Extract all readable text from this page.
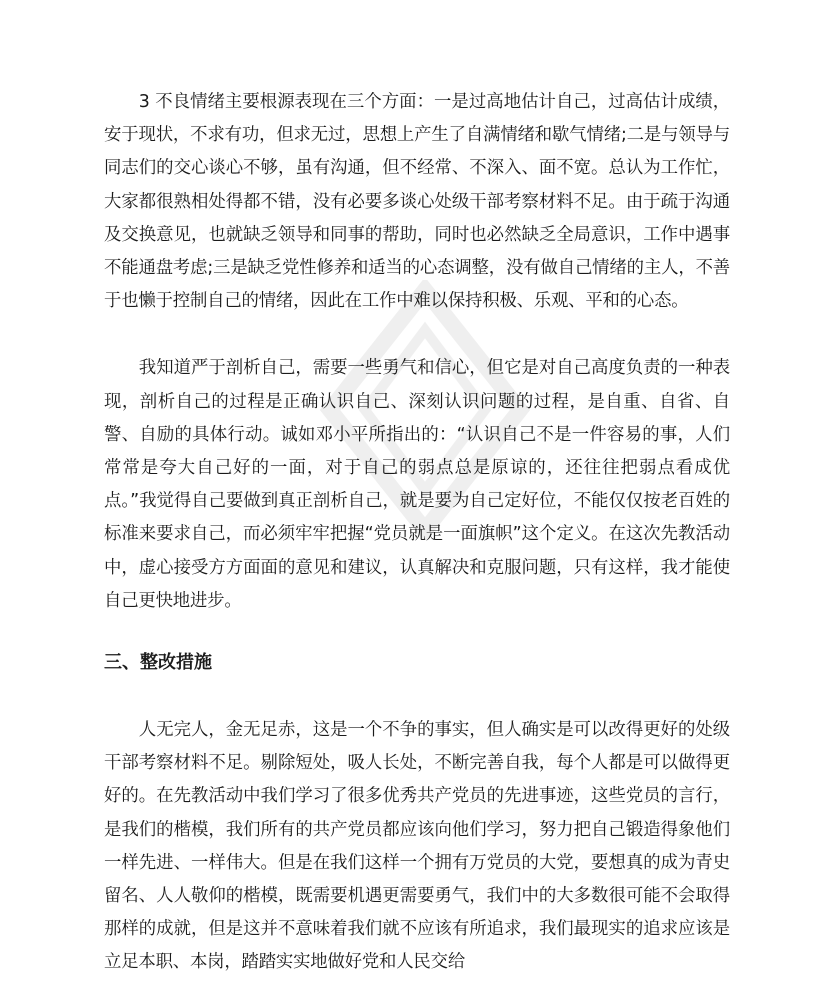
3 不良情绪主要根源表现在三个方面：一是过高地估计自己，过高估计成绩，安于现状，不求有功，但求无过，思想上产生了自满情绪和歇气情绪;二是与领导与同志们的交心谈心不够，虽有沟通，但不经常、不深入、面不宽。总认为工作忙，大家都很熟相处得都不错，没有必要多谈心处级干部考察材料不足。由于疏于沟通及交换意见，也就缺乏领导和同事的帮助，同时也必然缺乏全局意识，工作中遇事不能通盘考虑;三是缺乏党性修养和适当的心态调整，没有做自己情绪的主人，不善于也懒于控制自己的情绪，因此在工作中难以保持积极、乐观、平和的心态。

我知道严于剖析自己，需要一些勇气和信心，但它是对自己高度负责的一种表现，剖析自己的过程是正确认识自己、深刻认识问题的过程，是自重、自省、自警、自励的具体行动。诚如邓小平所指出的：“认识自己不是一件容易的事，人们常常是夸大自己好的一面，对于自己的弱点总是原谅的，还往往把弱点看成优点。”我觉得自己要做到真正剖析自己，就是要为自己定好位，不能仅仅按老百姓的标准来要求自己，而必须牢牢把握“党员就是一面旗帜”这个定义。在这次先教活动中，虚心接受方方面面的意见和建议，认真解决和克服问题，只有这样，我才能使自己更快地进步。

三、整改措施

人无完人，金无足赤，这是一个不争的事实，但人确实是可以改得更好的处级干部考察材料不足。剔除短处，吸人长处，不断完善自我，每个人都是可以做得更好的。在先教活动中我们学习了很多优秀共产党员的先进事迹，这些党员的言行，是我们的楷模，我们所有的共产党员都应该向他们学习，努力把自己锻造得象他们一样先进、一样伟大。但是在我们这样一个拥有万党员的大党，要想真的成为青史留名、人人敬仰的楷模，既需要机遇更需要勇气，我们中的大多数很可能不会取得那样的成就，但是这并不意味着我们就不应该有所追求，我们最现实的追求应该是立足本职、本岗，踏踏实实地做好党和人民交给
